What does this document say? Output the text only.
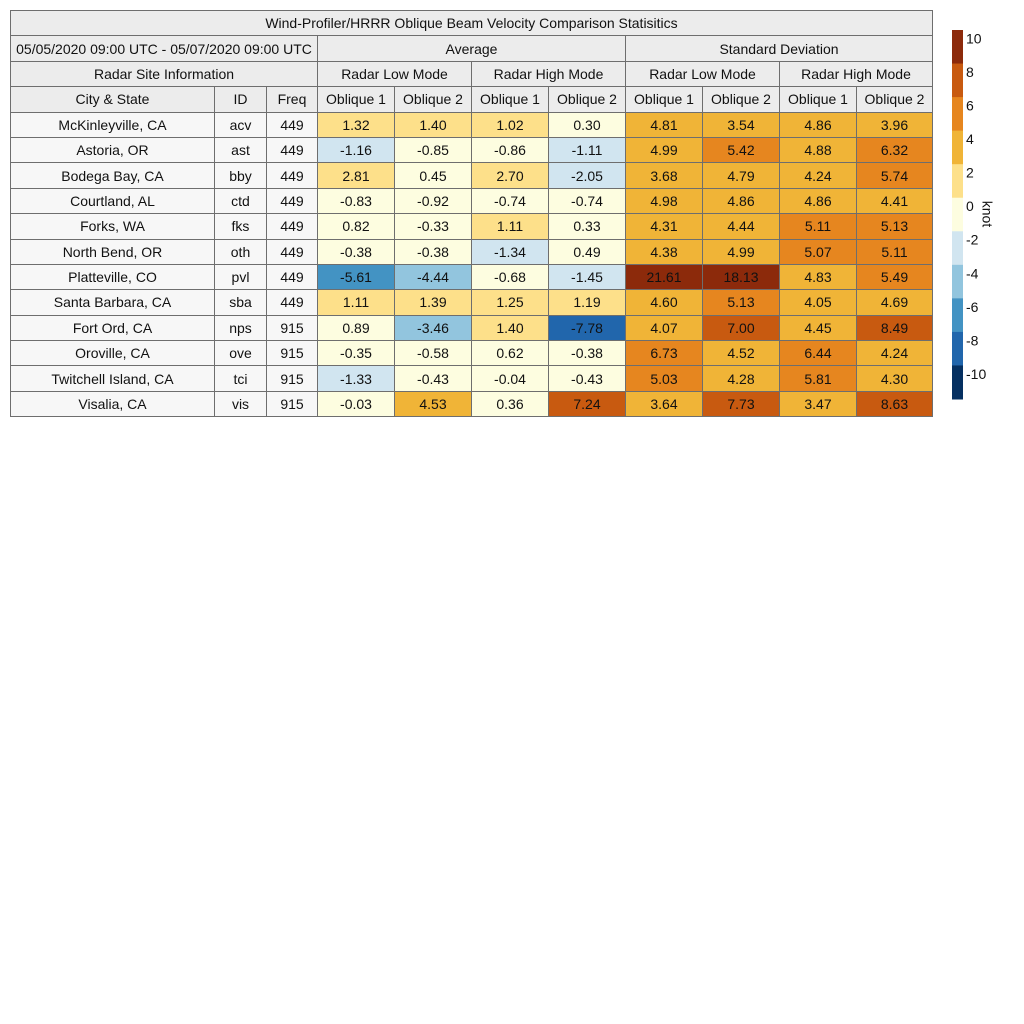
Wind-Profiler/HRRR Oblique Beam Velocity Comparison Statisitics										
05/05/2020 09:00 UTC - 05/07/2020 09:00 UTC			Average				Standard Deviation			
Radar Site Information			Radar Low Mode		Radar High Mode		Radar Low Mode		Radar High Mode	
City & State	ID	Freq	Oblique 1	Oblique 2	Oblique 1	Oblique 2	Oblique 1	Oblique 2	Oblique 1	Oblique 2
McKinleyville, CA	acv	449	1.32	1.40	1.02	0.30	4.81	3.54	4.86	3.96
Astoria, OR	ast	449	-1.16	-0.85	-0.86	-1.11	4.99	5.42	4.88	6.32
Bodega Bay, CA	bby	449	2.81	0.45	2.70	-2.05	3.68	4.79	4.24	5.74
Courtland, AL	ctd	449	-0.83	-0.92	-0.74	-0.74	4.98	4.86	4.86	4.41
Forks, WA	fks	449	0.82	-0.33	1.11	0.33	4.31	4.44	5.11	5.13
North Bend, OR	oth	449	-0.38	-0.38	-1.34	0.49	4.38	4.99	5.07	5.11
Platteville, CO	pvl	449	-5.61	-4.44	-0.68	-1.45	21.61	18.13	4.83	5.49
Santa Barbara, CA	sba	449	1.11	1.39	1.25	1.19	4.60	5.13	4.05	4.69
Fort Ord, CA	nps	915	0.89	-3.46	1.40	-7.78	4.07	7.00	4.45	8.49
Oroville, CA	ove	915	-0.35	-0.58	0.62	-0.38	6.73	4.52	6.44	4.24
Twitchell Island, CA	tci	915	-1.33	-0.43	-0.04	-0.43	5.03	4.28	5.81	4.30
Visalia, CA	vis	915	-0.03	4.53	0.36	7.24	3.64	7.73	3.47	8.63
10
8
6
4
2
0
-2
-4
-6
-8
-10
knot
